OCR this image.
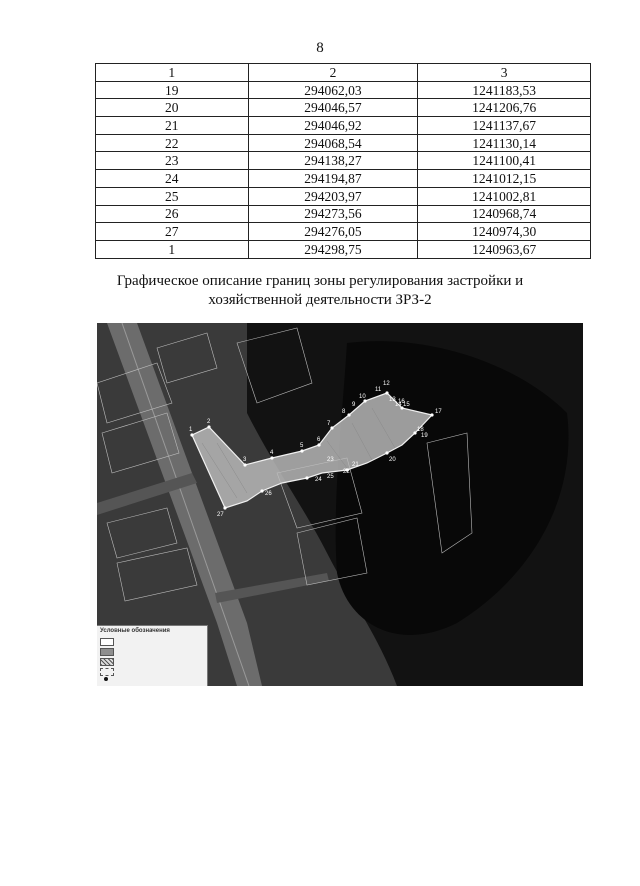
8
1	2	3
19	294062,03	1241183,53
20	294046,57	1241206,76
21	294046,92	1241137,67
22	294068,54	1241130,14
23	294138,27	1241100,41
24	294194,87	1241012,15
25	294203,97	1241002,81
26	294273,56	1240968,74
27	294276,05	1240974,30
1	294298,75	1240963,67
Графическое описание границ зоны регулирования застройки и
хозяйственной деятельности ЗРЗ-2
1
2
3
4
5
6
7
8
9
10
11
12
13
14 15
16
17
18
19
20
21
22
23
24 25
26
27
Условные обозначения
